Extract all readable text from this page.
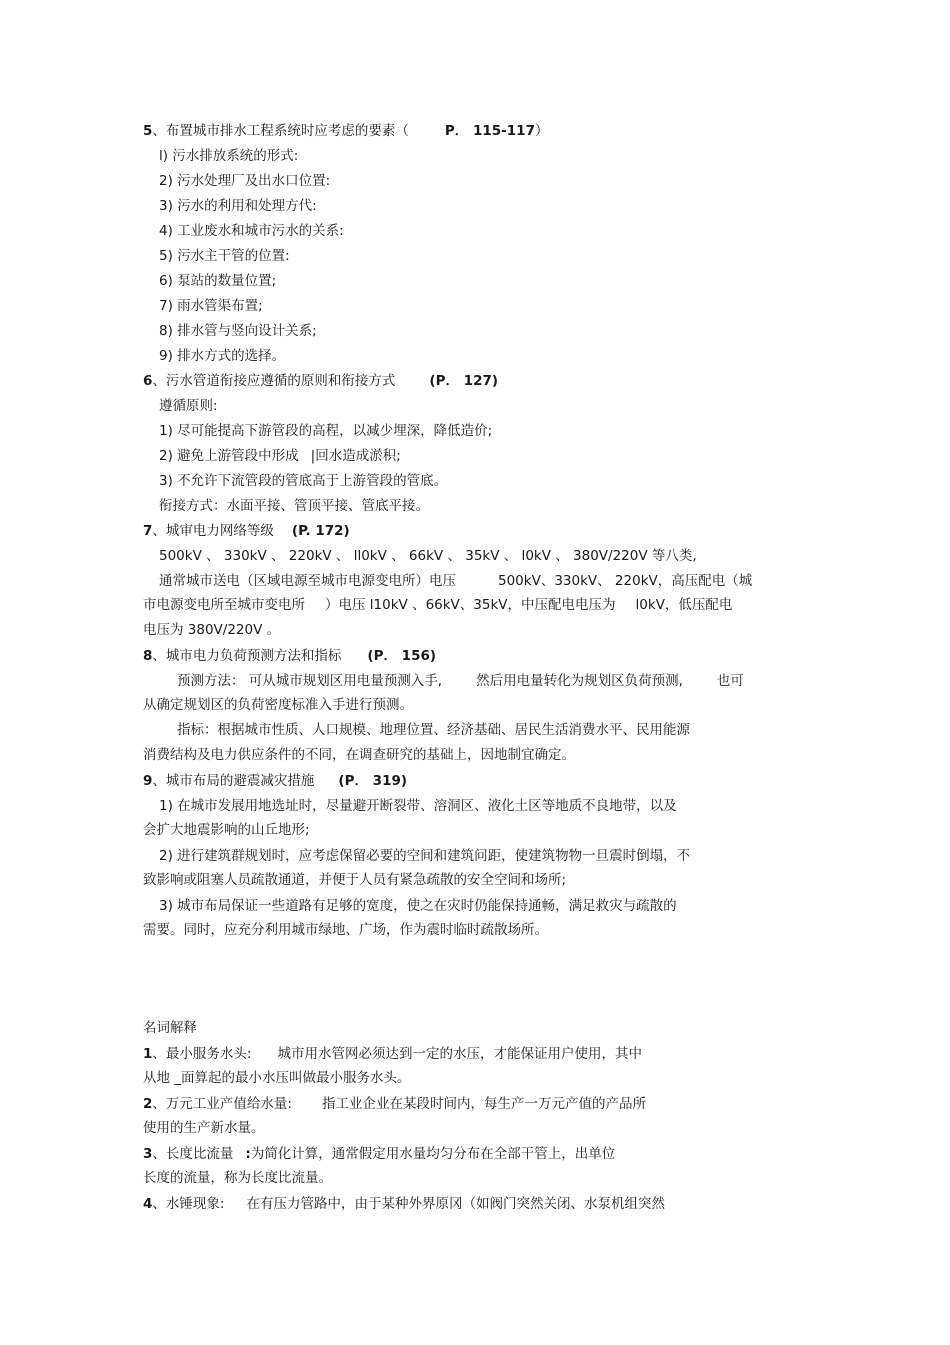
5、布置城市排水工程系统时应考虑的要素（	P． 115-117）
l) 污水排放系统的形式:
2) 污水处理厂及出水口位置:
3) 污水的利用和处理方代:
4) 工业废水和城市污水的关系:
5) 污水主干管的位置:
6) 泵站的数量位置;
7) 雨水管渠布置;
8) 排水管与竖向设计关系;
9) 排水方式的选择。
6、污水管道衔接应遵循的原则和衔接方式	(P． 127)
遵循原则:
1) 尽可能提高下游管段的高程，以减少埋深，降低造价;
2) 避免上游管段中形成 |回水造成淤积;
3) 不允许下流管段的管底高于上游管段的管底。
衔接方式：水面平接、管顶平接、管底平接。
7、城审电力网络等级 (P. 172)
500kV 、 330kV 、 220kV 、 ll0kV 、 66kV 、 35kV 、 l0kV 、 380V/220V 等八类,
通常城市送电（区域电源至城市电源变电所）电压	500kV、330kV、 220kV，高压配电（城
市电源变电所至城市变电所 ）电压 l10kV 、66kV、35kV，中压配电电压为 l0kV，低压配电
电压为 380V/220V 。
8、城市电力负荷预测方法和指标 (P． 156)
预测方法： 可从城市规划区用电量预测入手,	然后用电量转化为规划区负荷预测,	也可
从确定规划区的负荷密度标准入手进行预测。
指标：根据城市性质、人口规模、地理位置、经济基础、居民生活消费水平、民用能源
消费结构及电力供应条件的不同，在调查研究的基础上，因地制宜确定。
9、城市布局的避震减灾措施 (P． 319)
1) 在城市发展用地选址时，尽量避开断裂带、溶洞区、液化土区等地质不良地带，以及
会扩大地震影响的山丘地形;
2) 进行建筑群规划时，应考虑保留必要的空间和建筑问距，使建筑物物一旦震时倒塌，不
致影响或阻塞人员疏散通道，并便于人员有紧急疏散的安全空间和场所;
3) 城市布局保证一些道路有足够的宽度，使之在灾时仍能保持通畅，满足救灾与疏散的
需要。同时，应充分利用城市绿地、广场，作为震时临时疏散场所。
名词解释
1、最小服务水头: 城市用水管网必须达到一定的水压，才能保证用户使用，其中
从地 _面算起的最小水压叫做最小服务水头。
2、万元工业产值给水量: 指工业企业在某段时间内，每生产一万元产值的产品所
使用的生产新水量。
3、长度比流量 :为简化计算，通常假定用水量均匀分布在全部干管上，出单位
长度的流量，称为长度比流量。
4、水锤现象: 在有压力管路中，由于某种外界原冈（如阀门突然关闭、水泵机组突然
